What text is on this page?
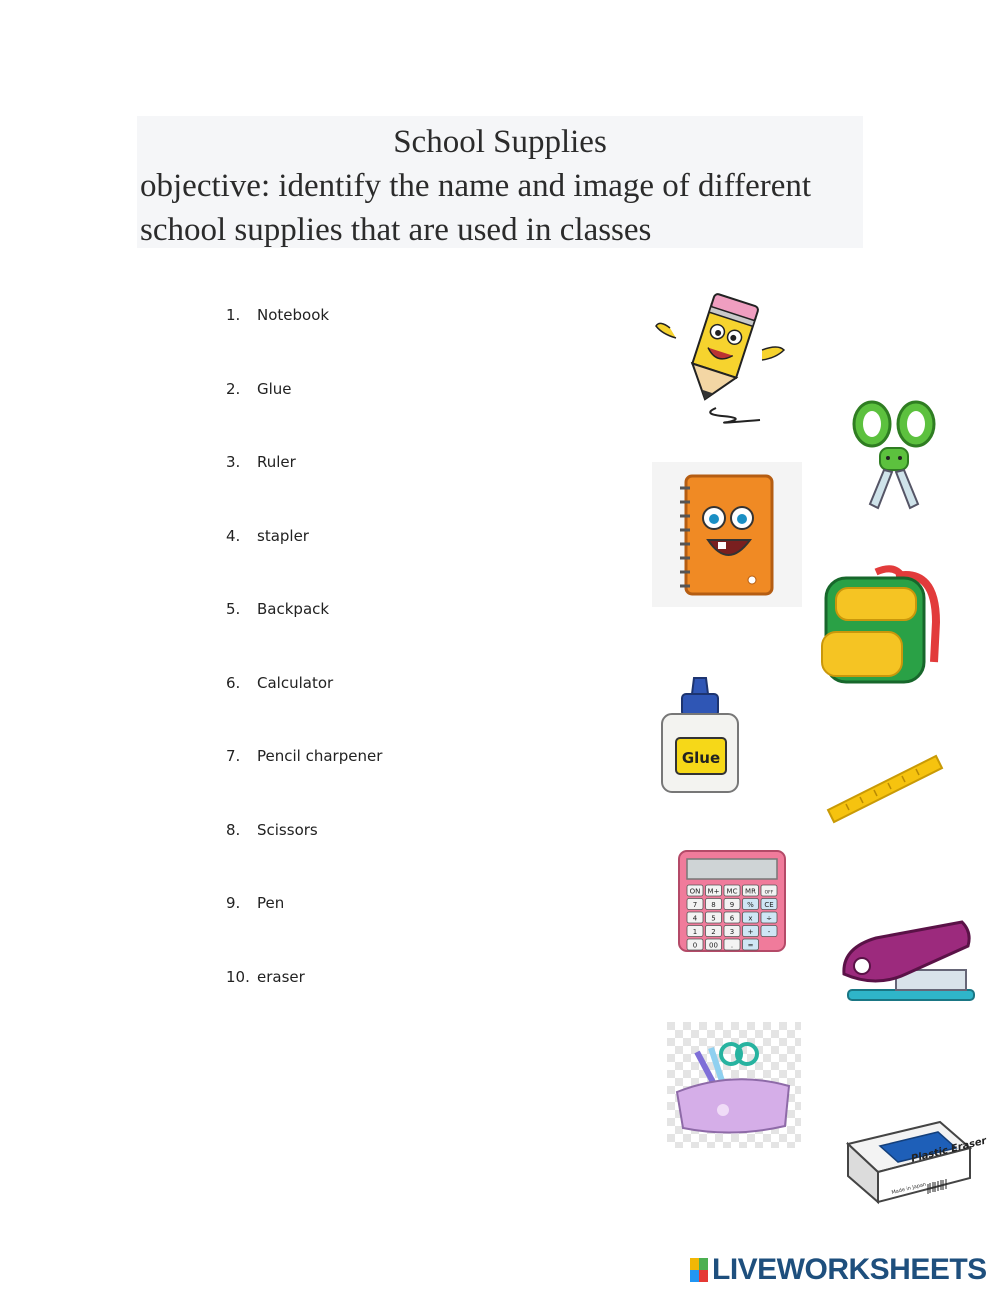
School Supplies
objective: identify the name and image of different school supplies that are used in classes
1. Notebook
2. Glue
3. Ruler
4. stapler
5. Backpack
6. Calculator
7. Pencil charpener
8. Scissors
9. Pen
10. eraser
Glue
ON M+ MC MR OFF
7 8 9 % CE
4 5 6 x ÷
1 2 3 + -
0 00 . =
Plastic Eraser
Made in Japan
LIVEWORKSHEETS
